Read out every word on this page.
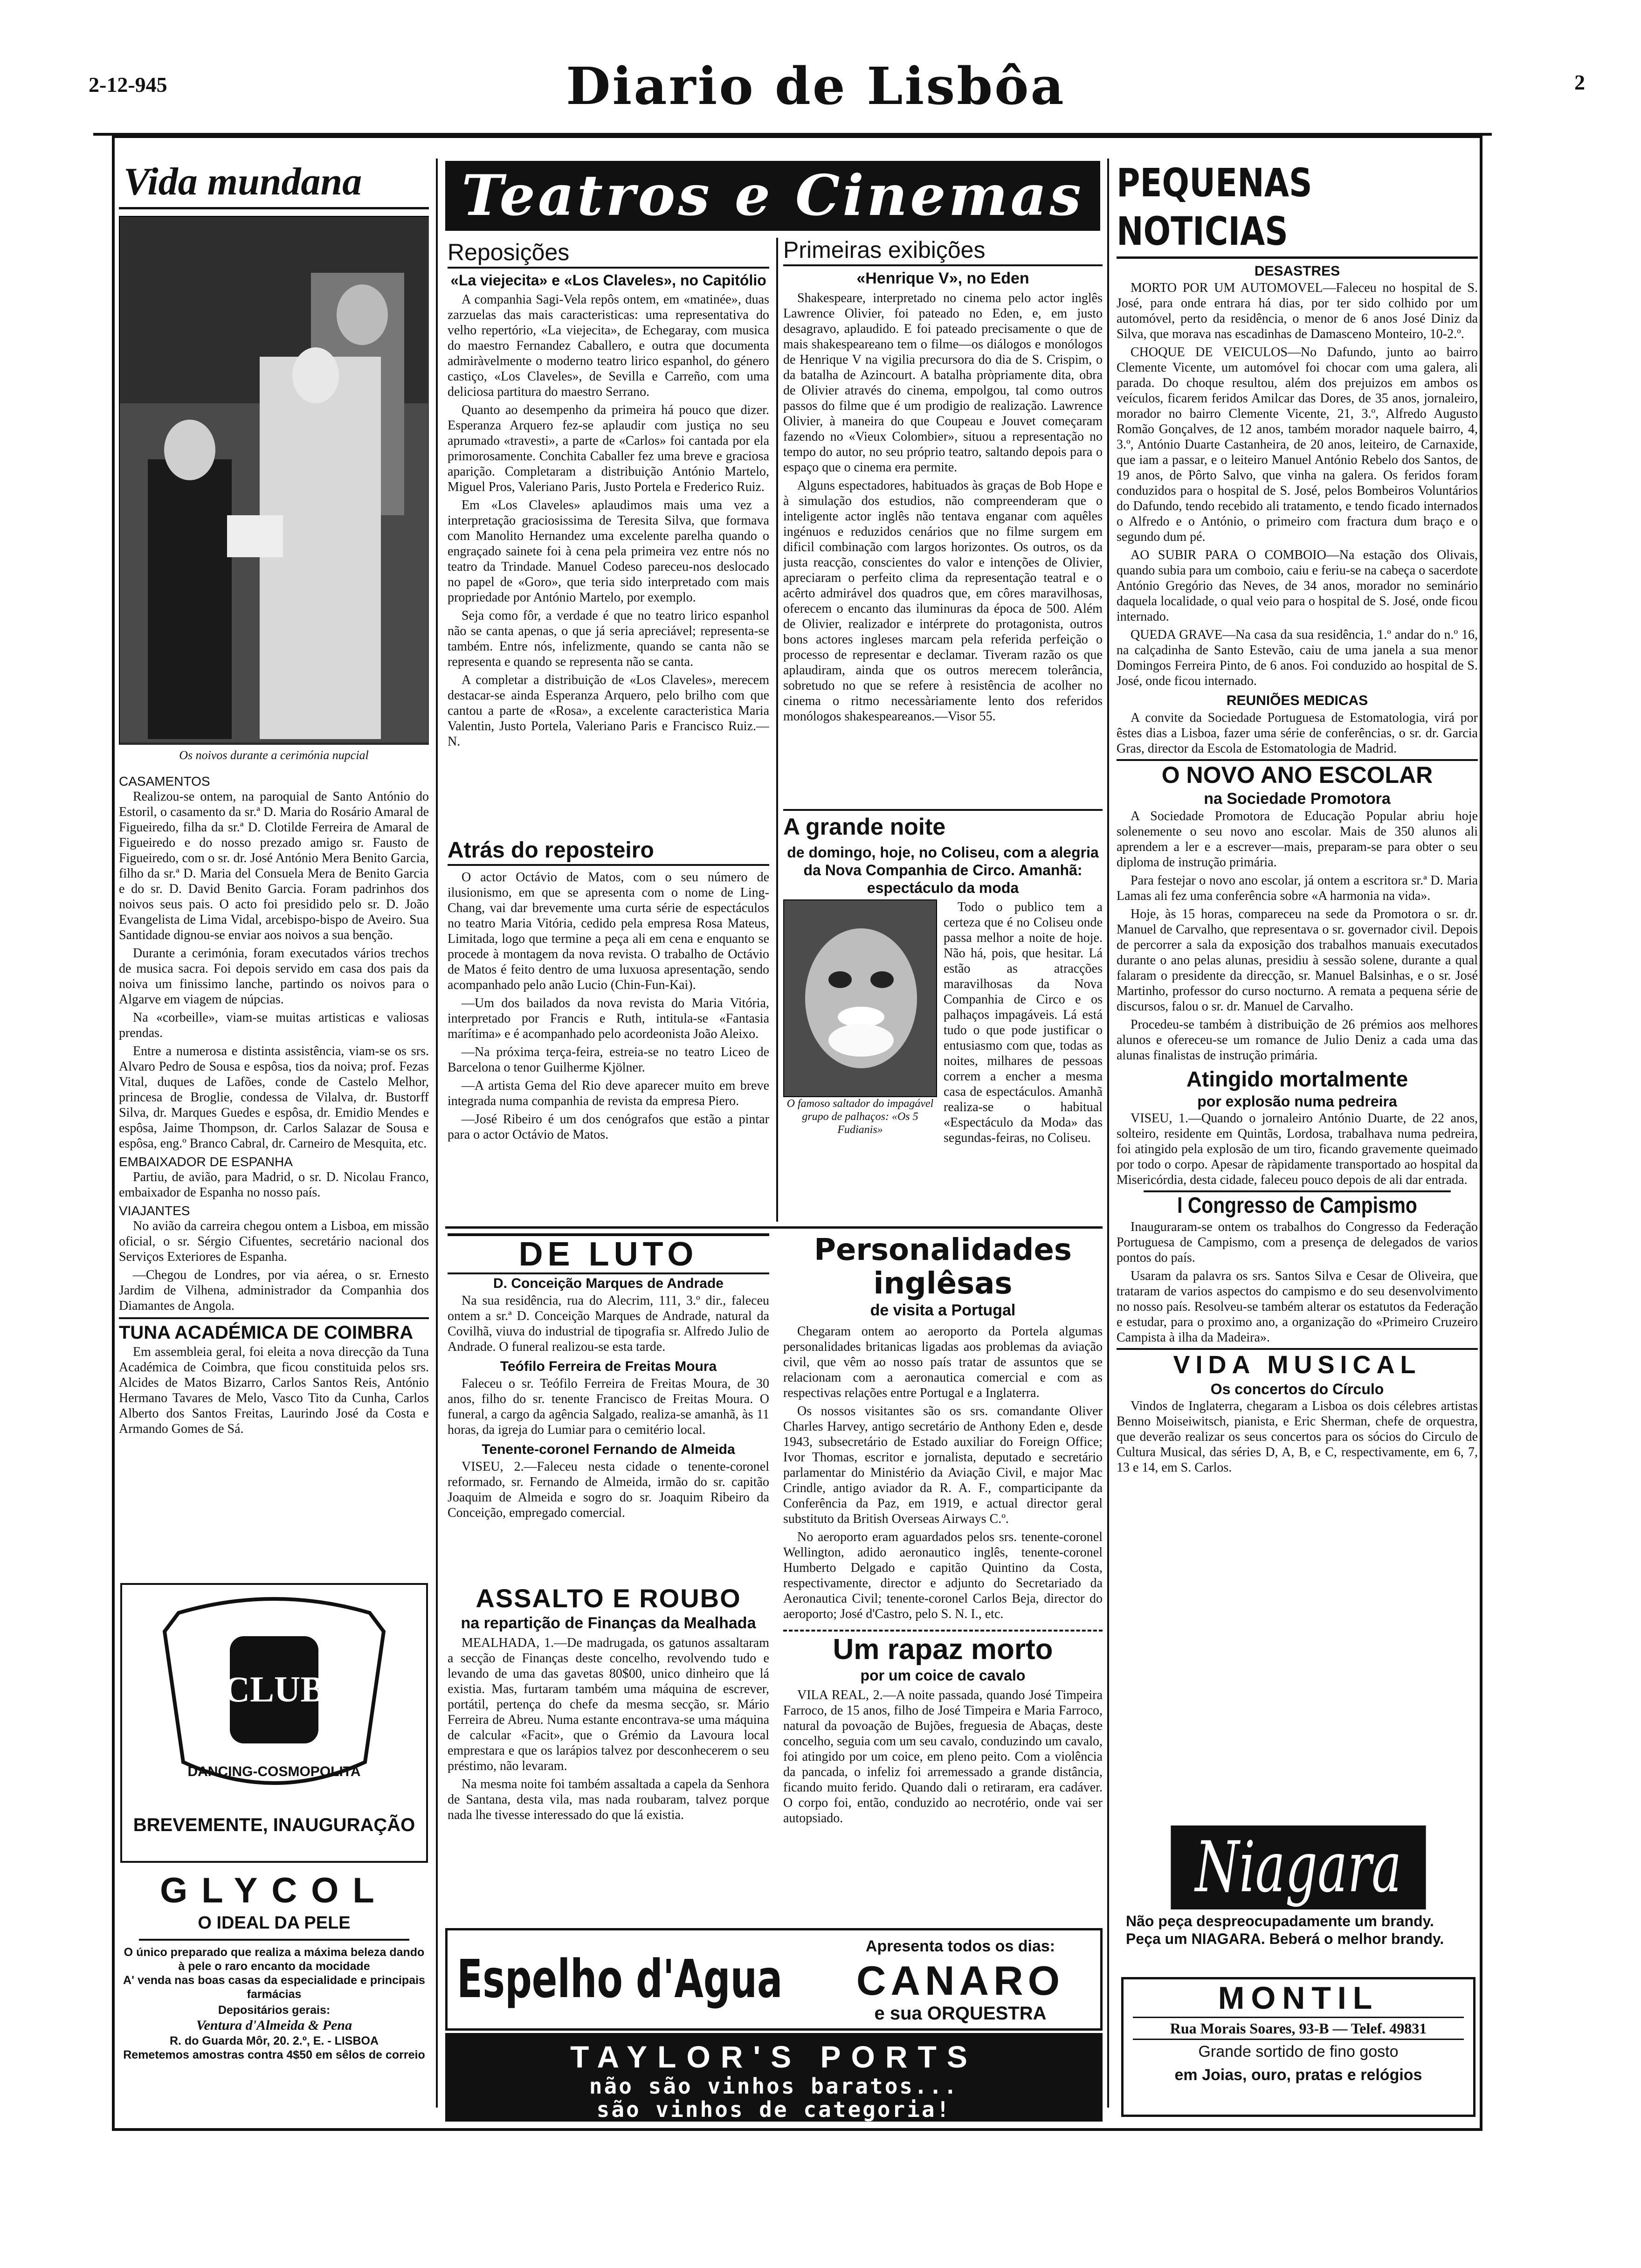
2-12-945	Diario de Lisbôa	2
Vida mundana
Os noivos durante a cerimónia nupcial
CASAMENTOS

Realizou-se ontem, na paroquial de Santo António do Estoril, o casamento da sr.ª D. Maria do Rosário Amaral de Figueiredo, filha da sr.ª D. Clotilde Ferreira de Amaral de Figueiredo e do nosso prezado amigo sr. Fausto de Figueiredo, com o sr. dr. José António Mera Benito Garcia, filho da sr.ª D. Maria del Consuela Mera de Benito Garcia e do sr. D. David Benito Garcia. Foram padrinhos dos noivos seus pais. O acto foi presidido pelo sr. D. João Evangelista de Lima Vidal, arcebispo-bispo de Aveiro. Sua Santidade dignou-se enviar aos noivos a sua benção.

Durante a cerimónia, foram executados vários trechos de musica sacra. Foi depois servido em casa dos pais da noiva um finissimo lanche, partindo os noivos para o Algarve em viagem de núpcias.

Na «corbeille», viam-se muitas artisticas e valiosas prendas.

Entre a numerosa e distinta assistência, viam-se os srs. Alvaro Pedro de Sousa e espôsa, tios da noiva; prof. Fezas Vital, duques de Lafões, conde de Castelo Melhor, princesa de Broglie, condessa de Vilalva, dr. Bustorff Silva, dr. Marques Guedes e espôsa, dr. Emidio Mendes e espôsa, Jaime Thompson, dr. Carlos Salazar de Sousa e espôsa, eng.º Branco Cabral, dr. Carneiro de Mesquita, etc.

EMBAIXADOR DE ESPANHA

Partiu, de avião, para Madrid, o sr. D. Nicolau Franco, embaixador de Espanha no nosso país.

VIAJANTES

No avião da carreira chegou ontem a Lisboa, em missão oficial, o sr. Sérgio Cifuentes, secretário nacional dos Serviços Exteriores de Espanha.

—Chegou de Londres, por via aérea, o sr. Ernesto Jardim de Vilhena, administrador da Companhia dos Diamantes de Angola.

TUNA ACADÉMICA DE COIMBRA

Em assembleia geral, foi eleita a nova direcção da Tuna Académica de Coimbra, que ficou constituida pelos srs. Alcides de Matos Bizarro, Carlos Santos Reis, António Hermano Tavares de Melo, Vasco Tito da Cunha, Carlos Alberto dos Santos Freitas, Laurindo José da Costa e Armando Gomes de Sá.

CLUB
DANCING-COSMOPOLITA
BREVEMENTE, INAUGURAÇÃO
GLYCOL
O IDEAL DA PELE
O único preparado que realiza a máxima beleza dando à pele o raro encanto da mocidade
A' venda nas boas casas da especialidade e principais farmácias
Depositários gerais:
Ventura d'Almeida & Pena
R. do Guarda Môr, 20. 2.º, E. - LISBOA
Remetemos amostras contra 4$50 em sêlos de correio
Teatros e Cinemas
Reposições
«La viejecita» e «Los Claveles», no Capitólio

A companhia Sagi-Vela repôs ontem, em «matinée», duas zarzuelas das mais caracteristicas: uma representativa do velho repertório, «La viejecita», de Echegaray, com musica do maestro Fernandez Caballero, e outra que documenta admiràvelmente o moderno teatro lirico espanhol, do género castiço, «Los Claveles», de Sevilla e Carreño, com uma deliciosa partitura do maestro Serrano.

Quanto ao desempenho da primeira há pouco que dizer. Esperanza Arquero fez-se aplaudir com justiça no seu aprumado «travesti», a parte de «Carlos» foi cantada por ela primorosamente. Conchita Caballer fez uma breve e graciosa aparição. Completaram a distribuição António Martelo, Miguel Pros, Valeriano Paris, Justo Portela e Frederico Ruiz.

Em «Los Claveles» aplaudimos mais uma vez a interpretação graciosissima de Teresita Silva, que formava com Manolito Hernandez uma excelente parelha quando o engraçado sainete foi à cena pela primeira vez entre nós no teatro da Trindade. Manuel Codeso pareceu-nos deslocado no papel de «Goro», que teria sido interpretado com mais propriedade por António Martelo, por exemplo.

Seja como fôr, a verdade é que no teatro lirico espanhol não se canta apenas, o que já seria apreciável; representa-se também. Entre nós, infelizmente, quando se canta não se representa e quando se representa não se canta.

A completar a distribuição de «Los Claveles», merecem destacar-se ainda Esperanza Arquero, pelo brilho com que cantou a parte de «Rosa», a excelente caracteristica Maria Valentin, Justo Portela, Valeriano Paris e Francisco Ruiz.—N.

Atrás do reposteiro

O actor Octávio de Matos, com o seu número de ilusionismo, em que se apresenta com o nome de Ling-Chang, vai dar brevemente uma curta série de espectáculos no teatro Maria Vitória, cedido pela empresa Rosa Mateus, Limitada, logo que termine a peça ali em cena e enquanto se procede à montagem da nova revista. O trabalho de Octávio de Matos é feito dentro de uma luxuosa apresentação, sendo acompanhado pelo anão Lucio (Chin-Fun-Kai).

—Um dos bailados da nova revista do Maria Vitória, interpretado por Francis e Ruth, intitula-se «Fantasia marítima» e é acompanhado pelo acordeonista João Aleixo.

—Na próxima terça-feira, estreia-se no teatro Liceo de Barcelona o tenor Guilherme Kjölner.

—A artista Gema del Rio deve aparecer muito em breve integrada numa companhia de revista da empresa Piero.

—José Ribeiro é um dos cenógrafos que estão a pintar para o actor Octávio de Matos.

Primeiras exibições
«Henrique V», no Eden

Shakespeare, interpretado no cinema pelo actor inglês Lawrence Olivier, foi pateado no Eden, e, em justo desagravo, aplaudido. E foi pateado precisamente o que de mais shakespeareano tem o filme—os diálogos e monólogos de Henrique V na vigilia precursora do dia de S. Crispim, o da batalha de Azincourt. A batalha pròpriamente dita, obra de Olivier através do cinema, empolgou, tal como outros passos do filme que é um prodigio de realização. Lawrence Olivier, à maneira do que Coupeau e Jouvet começaram fazendo no «Vieux Colombier», situou a representação no tempo do autor, no seu próprio teatro, saltando depois para o espaço que o cinema era permite.

Alguns espectadores, habituados às graças de Bob Hope e à simulação dos estudios, não compreenderam que o inteligente actor inglês não tentava enganar com aquêles ingénuos e reduzidos cenários que no filme surgem em dificil combinação com largos horizontes. Os outros, os da justa reacção, conscientes do valor e intenções de Olivier, apreciaram o perfeito clima da representação teatral e o acêrto admirável dos quadros que, em côres maravilhosas, oferecem o encanto das iluminuras da época de 500. Além de Olivier, realizador e intérprete do protagonista, outros bons actores ingleses marcam pela referida perfeição o processo de representar e declamar. Tiveram razão os que aplaudiram, ainda que os outros merecem tolerância, sobretudo no que se refere à resistência de acolher no cinema o ritmo necessàriamente lento dos referidos monólogos shakespeareanos.—Visor 55.

A grande noite
de domingo, hoje, no Coliseu, com a alegria da Nova Companhia de Circo. Amanhã: espectáculo da moda
O famoso saltador do impagável grupo de palhaços: «Os 5 Fudianis»

Todo o publico tem a certeza que é no Coliseu onde passa melhor a noite de hoje. Não há, pois, que hesitar. Lá estão as atracções maravilhosas da Nova Companhia de Circo e os palhaços impagáveis. Lá está tudo o que pode justificar o entusiasmo com que, todas as noites, milhares de pessoas correm a encher a mesma casa de espectáculos. Amanhã realiza-se o habitual «Espectáculo da Moda» das segundas-feiras, no Coliseu.

DE LUTO
D. Conceição Marques de Andrade

Na sua residência, rua do Alecrim, 111, 3.º dir., faleceu ontem a sr.ª D. Conceição Marques de Andrade, natural da Covilhã, viuva do industrial de tipografia sr. Alfredo Julio de Andrade. O funeral realizou-se esta tarde.

Teófilo Ferreira de Freitas Moura

Faleceu o sr. Teófilo Ferreira de Freitas Moura, de 30 anos, filho do sr. tenente Francisco de Freitas Moura. O funeral, a cargo da agência Salgado, realiza-se amanhã, às 11 horas, da igreja do Lumiar para o cemitério local.

Tenente-coronel Fernando de Almeida

VISEU, 2.—Faleceu nesta cidade o tenente-coronel reformado, sr. Fernando de Almeida, irmão do sr. capitão Joaquim de Almeida e sogro do sr. Joaquim Ribeiro da Conceição, empregado comercial.

ASSALTO E ROUBO
na repartição de Finanças da Mealhada

MEALHADA, 1.—De madrugada, os gatunos assaltaram a secção de Finanças deste concelho, revolvendo tudo e levando de uma das gavetas 80$00, unico dinheiro que lá existia. Mas, furtaram também uma máquina de escrever, portátil, pertença do chefe da mesma secção, sr. Mário Ferreira de Abreu. Numa estante encontrava-se uma máquina de calcular «Facit», que o Grémio da Lavoura local emprestara e que os larápios talvez por desconhecerem o seu préstimo, não levaram.

Na mesma noite foi também assaltada a capela da Senhora de Santana, desta vila, mas nada roubaram, talvez porque nada lhe tivesse interessado do que lá existia.

Personalidades inglêsas
de visita a Portugal

Chegaram ontem ao aeroporto da Portela algumas personalidades britanicas ligadas aos problemas da aviação civil, que vêm ao nosso país tratar de assuntos que se relacionam com a aeronautica comercial e com as respectivas relações entre Portugal e a Inglaterra.

Os nossos visitantes são os srs. comandante Oliver Charles Harvey, antigo secretário de Anthony Eden e, desde 1943, subsecretário de Estado auxiliar do Foreign Office; Ivor Thomas, escritor e jornalista, deputado e secretário parlamentar do Ministério da Aviação Civil, e major Mac Crindle, antigo aviador da R. A. F., comparticipante da Conferência da Paz, em 1919, e actual director geral substituto da British Overseas Airways C.º.

No aeroporto eram aguardados pelos srs. tenente-coronel Wellington, adido aeronautico inglês, tenente-coronel Humberto Delgado e capitão Quintino da Costa, respectivamente, director e adjunto do Secretariado da Aeronautica Civil; tenente-coronel Carlos Beja, director do aeroporto; José d'Castro, pelo S. N. I., etc.

Um rapaz morto
por um coice de cavalo

VILA REAL, 2.—A noite passada, quando José Timpeira Farroco, de 15 anos, filho de José Timpeira e Maria Farroco, natural da povoação de Bujões, freguesia de Abaças, deste concelho, seguia com um seu cavalo, conduzindo um cavalo, foi atingido por um coice, em pleno peito. Com a violência da pancada, o infeliz foi arremessado a grande distância, ficando muito ferido. Quando dali o retiraram, era cadáver. O corpo foi, então, conduzido ao necrotério, onde vai ser autopsiado.

Espelho d'Agua
Apresenta todos os dias:
CANARO
e sua ORQUESTRA
TAYLOR'S PORTS
não são vinhos baratos...
são vinhos de categoria!
PEQUENAS NOTICIAS
DESASTRES

MORTO POR UM AUTOMOVEL—Faleceu no hospital de S. José, para onde entrara há dias, por ter sido colhido por um automóvel, perto da residência, o menor de 6 anos José Diniz da Silva, que morava nas escadinhas de Damasceno Monteiro, 10-2.º.

CHOQUE DE VEICULOS—No Dafundo, junto ao bairro Clemente Vicente, um automóvel foi chocar com uma galera, ali parada. Do choque resultou, além dos prejuizos em ambos os veículos, ficarem feridos Amilcar das Dores, de 35 anos, jornaleiro, morador no bairro Clemente Vicente, 21, 3.º, Alfredo Augusto Romão Gonçalves, de 12 anos, também morador naquele bairro, 4, 3.º, António Duarte Castanheira, de 20 anos, leiteiro, de Carnaxide, que iam a passar, e o leiteiro Manuel António Rebelo dos Santos, de 19 anos, de Pôrto Salvo, que vinha na galera. Os feridos foram conduzidos para o hospital de S. José, pelos Bombeiros Voluntários do Dafundo, tendo recebido ali tratamento, e tendo ficado internados o Alfredo e o António, o primeiro com fractura dum braço e o segundo dum pé.

AO SUBIR PARA O COMBOIO—Na estação dos Olivais, quando subia para um comboio, caiu e feriu-se na cabeça o sacerdote António Gregório das Neves, de 34 anos, morador no seminário daquela localidade, o qual veio para o hospital de S. José, onde ficou internado.

QUEDA GRAVE—Na casa da sua residência, 1.º andar do n.º 16, na calçadinha de Santo Estevão, caiu de uma janela a sua menor Domingos Ferreira Pinto, de 6 anos. Foi conduzido ao hospital de S. José, onde ficou internado.

REUNIÕES MEDICAS

A convite da Sociedade Portuguesa de Estomatologia, virá por êstes dias a Lisboa, fazer uma série de conferências, o sr. dr. Garcia Gras, director da Escola de Estomatologia de Madrid.

O NOVO ANO ESCOLAR
na Sociedade Promotora

A Sociedade Promotora de Educação Popular abriu hoje solenemente o seu novo ano escolar. Mais de 350 alunos ali aprendem a ler e a escrever—mais, preparam-se para obter o seu diploma de instrução primária.

Para festejar o novo ano escolar, já ontem a escritora sr.ª D. Maria Lamas ali fez uma conferência sobre «A harmonia na vida».

Hoje, às 15 horas, compareceu na sede da Promotora o sr. dr. Manuel de Carvalho, que representava o sr. governador civil. Depois de percorrer a sala da exposição dos trabalhos manuais executados durante o ano pelas alunas, presidiu à sessão solene, durante a qual falaram o presidente da direcção, sr. Manuel Balsinhas, e o sr. José Martinho, professor do curso nocturno. A remata a pequena série de discursos, falou o sr. dr. Manuel de Carvalho.

Procedeu-se também à distribuição de 26 prémios aos melhores alunos e ofereceu-se um romance de Julio Deniz a cada uma das alunas finalistas de instrução primária.

Atingido mortalmente
por explosão numa pedreira

VISEU, 1.—Quando o jornaleiro António Duarte, de 22 anos, solteiro, residente em Quintãs, Lordosa, trabalhava numa pedreira, foi atingido pela explosão de um tiro, ficando gravemente queimado por todo o corpo. Apesar de ràpidamente transportado ao hospital da Misericórdia, desta cidade, faleceu pouco depois de ali dar entrada.

I Congresso de Campismo

Inauguraram-se ontem os trabalhos do Congresso da Federação Portuguesa de Campismo, com a presença de delegados de varios pontos do país.

Usaram da palavra os srs. Santos Silva e Cesar de Oliveira, que trataram de varios aspectos do campismo e do seu desenvolvimento no nosso país. Resolveu-se também alterar os estatutos da Federação e estudar, para o proximo ano, a organização do «Primeiro Cruzeiro Campista à ilha da Madeira».

VIDA MUSICAL
Os concertos do Círculo

Vindos de Inglaterra, chegaram a Lisboa os dois célebres artistas Benno Moiseiwitsch, pianista, e Eric Sherman, chefe de orquestra, que deverão realizar os seus concertos para os sócios do Circulo de Cultura Musical, das séries D, A, B, e C, respectivamente, em 6, 7, 13 e 14, em S. Carlos.

Niagara
Não peça despreocupadamente um brandy. Peça um NIAGARA. Beberá o melhor brandy.
MONTIL
Rua Morais Soares, 93-B — Telef. 49831
Grande sortido de fino gosto
em Joias, ouro, pratas e relógios
